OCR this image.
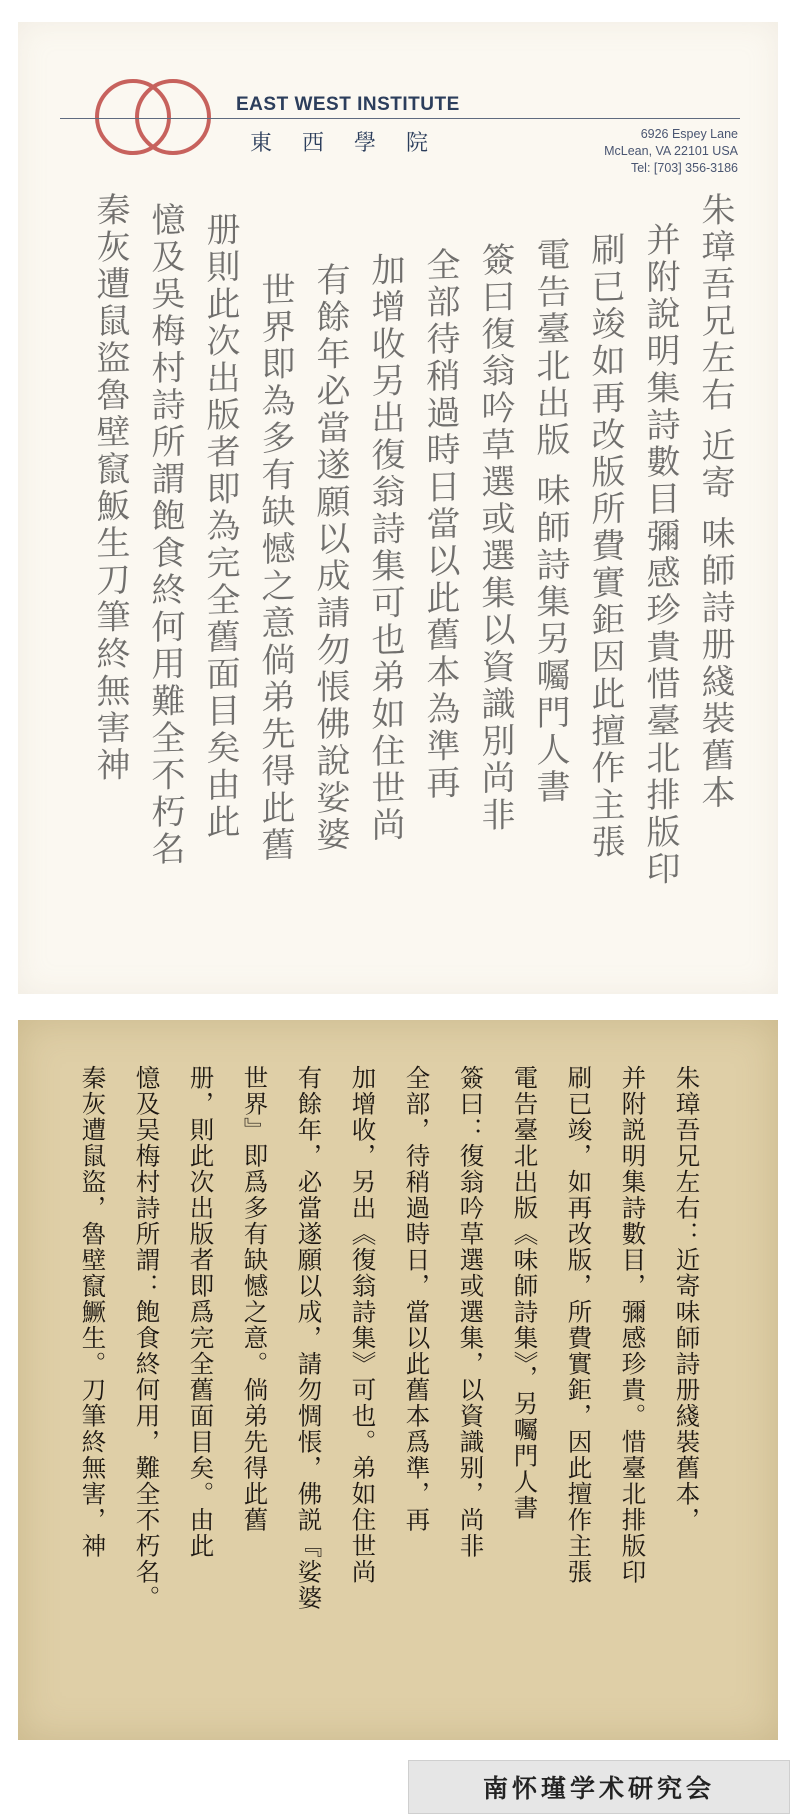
EAST WEST INSTITUTE
東西學院	6926 Espey Lane
McLean, VA 22101 USA
Tel: [703] 356-3186
朱璋吾兄左右 近寄 味師詩册綫裝舊本
并附說明集詩數目彌感珍貴惜臺北排版印
刷已竣如再改版所費實鉅因此擅作主張
電告臺北出版 味師詩集另囑門人書
簽曰復翁吟草選或選集以資識別尚非
全部待稍過時日當以此舊本為準再
加增收另出復翁詩集可也弟如住世尚
有餘年必當遂願以成請勿悵佛說娑婆
世界即為多有缺憾之意倘弟先得此舊
册則此次出版者即為完全舊面目矣由此
憶及吳梅村詩所謂飽食終何用難全不朽名
秦灰遭鼠盜魯壁竄魬生刀筆終無害神
朱璋吾兄左右：近寄味師詩册綫裝舊本，
并附説明集詩數目，彌感珍貴。惜臺北排版印
刷已竣，如再改版，所費實鉅，因此擅作主張
電告臺北出版《味師詩集》，另囑門人書
簽曰：復翁吟草選或選集，以資識别，尚非
全部，待稍過時日，當以此舊本爲準，再
加增收，另出《復翁詩集》可也。弟如住世尚
有餘年，必當遂願以成，請勿惆悵，佛説『娑婆
世界』即爲多有缺憾之意。倘弟先得此舊
册，則此次出版者即爲完全舊面目矣。由此
憶及吴梅村詩所謂：飽食終何用，難全不朽名。
秦灰遭鼠盜，魯壁竄鱖生。刀筆終無害，神
南怀瑾学术研究会
